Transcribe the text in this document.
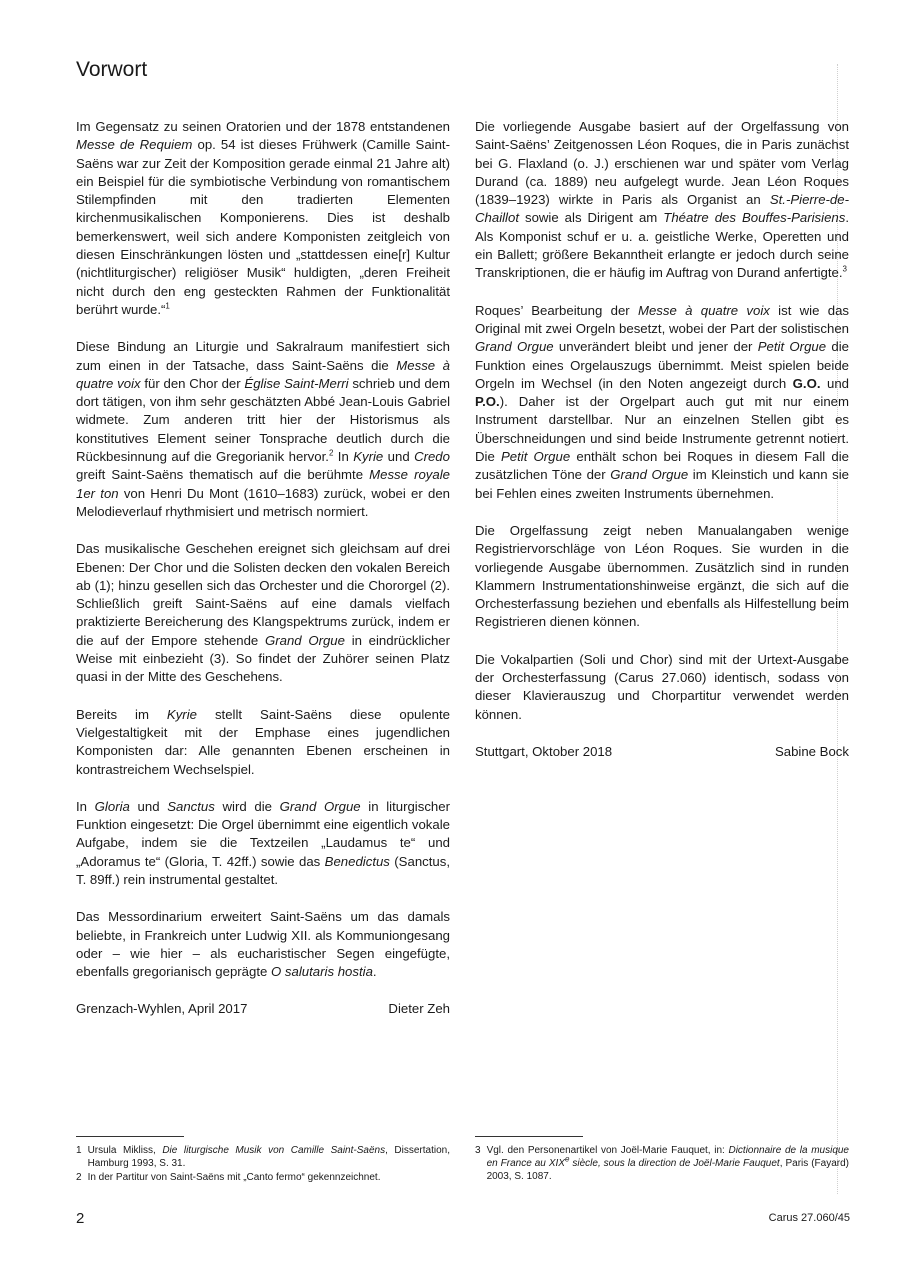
Vorwort

Im Gegensatz zu seinen Oratorien und der 1878 entstandenen Messe de Requiem op. 54 ist dieses Frühwerk (Camille Saint-Saëns war zur Zeit der Komposition gerade einmal 21 Jahre alt) ein Beispiel für die symbiotische Verbindung von romantischem Stilempfinden mit den tradierten Elementen kirchenmusikalischen Komponierens. Dies ist deshalb bemerkenswert, weil sich andere Komponisten zeitgleich von diesen Einschränkungen lösten und „stattdessen eine[r] Kultur (nichtliturgischer) religiöser Musik“ huldigten, „deren Freiheit nicht durch den eng gesteckten Rahmen der Funktionalität berührt wurde.“$^1$

Diese Bindung an Liturgie und Sakralraum manifestiert sich zum einen in der Tatsache, dass Saint-Saëns die Messe à quatre voix für den Chor der Église Saint-Merri schrieb und dem dort tätigen, von ihm sehr geschätzten Abbé Jean-Louis Gabriel widmete. Zum anderen tritt hier der Historismus als konstitutives Element seiner Tonsprache deutlich durch die Rückbesinnung auf die Gregorianik hervor.$^2$ In Kyrie und Credo greift Saint-Saëns thematisch auf die berühmte Messe royale 1er ton von Henri Du Mont (1610–1683) zurück, wobei er den Melodieverlauf rhythmisiert und metrisch normiert.

Das musikalische Geschehen ereignet sich gleichsam auf drei Ebenen: Der Chor und die Solisten decken den vokalen Bereich ab (1); hinzu gesellen sich das Orchester und die Chororgel (2). Schließlich greift Saint-Saëns auf eine damals vielfach praktizierte Bereicherung des Klangspektrums zurück, indem er die auf der Empore stehende Grand Orgue in eindrücklicher Weise mit einbezieht (3). So findet der Zuhörer seinen Platz quasi in der Mitte des Geschehens.

Bereits im Kyrie stellt Saint-Saëns diese opulente Vielgestaltigkeit mit der Emphase eines jugendlichen Komponisten dar: Alle genannten Ebenen erscheinen in kontrastreichem Wechselspiel.

In Gloria und Sanctus wird die Grand Orgue in liturgischer Funktion eingesetzt: Die Orgel übernimmt eine eigentlich vokale Aufgabe, indem sie die Textzeilen „Laudamus te“ und „Adoramus te“ (Gloria, T. 42ff.) sowie das Benedictus (Sanctus, T. 89ff.) rein instrumental gestaltet.

Das Messordinarium erweitert Saint-Saëns um das damals beliebte, in Frankreich unter Ludwig XII. als Kommuniongesang oder – wie hier – als eucharistischer Segen eingefügte, ebenfalls gregorianisch geprägte O salutaris hostia.

Grenzach-Wyhlen, April 2017	Dieter Zeh

Die vorliegende Ausgabe basiert auf der Orgelfassung von Saint-Saëns’ Zeitgenossen Léon Roques, die in Paris zunächst bei G. Flaxland (o. J.) erschienen war und später vom Verlag Durand (ca. 1889) neu aufgelegt wurde. Jean Léon Roques (1839–1923) wirkte in Paris als Organist an St.-Pierre-de-Chaillot sowie als Dirigent am Théatre des Bouffes-Parisiens. Als Komponist schuf er u. a. geistliche Werke, Operetten und ein Ballett; größere Bekanntheit erlangte er jedoch durch seine Transkriptionen, die er häufig im Auftrag von Durand anfertigte.$^3$

Roques’ Bearbeitung der Messe à quatre voix ist wie das Original mit zwei Orgeln besetzt, wobei der Part der solistischen Grand Orgue unverändert bleibt und jener der Petit Orgue die Funktion eines Orgelauszugs übernimmt. Meist spielen beide Orgeln im Wechsel (in den Noten angezeigt durch G.O. und P.O.). Daher ist der Orgelpart auch gut mit nur einem Instrument darstellbar. Nur an einzelnen Stellen gibt es Überschneidungen und sind beide Instrumente getrennt notiert. Die Petit Orgue enthält schon bei Roques in diesem Fall die zusätzlichen Töne der Grand Orgue im Kleinstich und kann sie bei Fehlen eines zweiten Instruments übernehmen.

Die Orgelfassung zeigt neben Manualangaben wenige Registriervorschläge von Léon Roques. Sie wurden in die vorliegende Ausgabe übernommen. Zusätzlich sind in runden Klammern Instrumentationshinweise ergänzt, die sich auf die Orchesterfassung beziehen und ebenfalls als Hilfestellung beim Registrieren dienen können.

Die Vokalpartien (Soli und Chor) sind mit der Urtext-Ausgabe der Orchesterfassung (Carus 27.060) identisch, sodass von dieser Klavierauszug und Chorpartitur verwendet werden können.

Stuttgart, Oktober 2018	Sabine Bock
1 Ursula Mikliss, Die liturgische Musik von Camille Saint-Saëns, Dissertation, Hamburg 1993, S. 31.
2 In der Partitur von Saint-Saëns mit „Canto fermo“ gekennzeichnet.
3 Vgl. den Personenartikel von Joël-Marie Fauquet, in: Dictionnaire de la musique en France au XIXe siècle, sous la direction de Joël-Marie Fauquet, Paris (Fayard) 2003, S. 1087.
2	Carus 27.060/45
